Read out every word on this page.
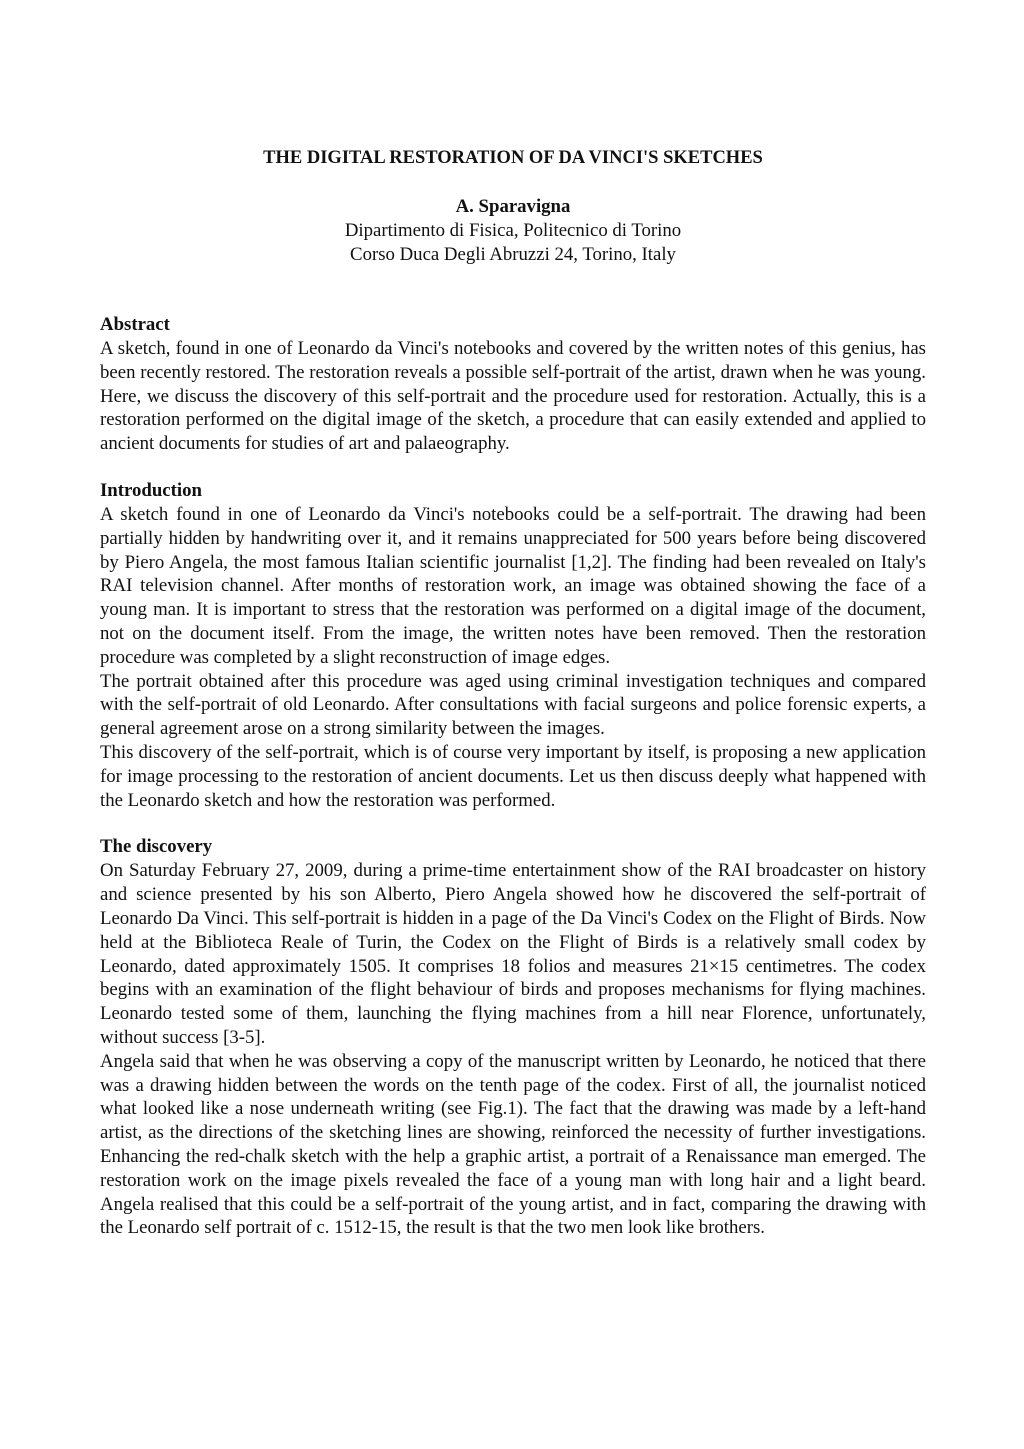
THE DIGITAL RESTORATION OF DA VINCI'S SKETCHES
A. Sparavigna
Dipartimento di Fisica, Politecnico di Torino
Corso Duca Degli Abruzzi 24, Torino, Italy
Abstract

A sketch, found in one of Leonardo da Vinci's notebooks and covered by the written notes of this genius, has been recently restored. The restoration reveals a possible self-portrait of the artist, drawn when he was young. Here, we discuss the discovery of this self-portrait and the procedure used for restoration. Actually, this is a restoration performed on the digital image of the sketch, a procedure that can easily extended and applied to ancient documents for studies of art and palaeography.

Introduction

A sketch found in one of Leonardo da Vinci's notebooks could be a self-portrait. The drawing had been partially hidden by handwriting over it, and it remains unappreciated for 500 years before being discovered by Piero Angela, the most famous Italian scientific journalist [1,2]. The finding had been revealed on Italy's RAI television channel. After months of restoration work, an image was obtained showing the face of a young man. It is important to stress that the restoration was performed on a digital image of the document, not on the document itself. From the image, the written notes have been removed. Then the restoration procedure was completed by a slight reconstruction of image edges.

The portrait obtained after this procedure was aged using criminal investigation techniques and compared with the self-portrait of old Leonardo. After consultations with facial surgeons and police forensic experts, a general agreement arose on a strong similarity between the images.

This discovery of the self-portrait, which is of course very important by itself, is proposing a new application for image processing to the restoration of ancient documents. Let us then discuss deeply what happened with the Leonardo sketch and how the restoration was performed.

The discovery

On Saturday February 27, 2009, during a prime-time entertainment show of the RAI broadcaster on history and science presented by his son Alberto, Piero Angela showed how he discovered the self-portrait of Leonardo Da Vinci. This self-portrait is hidden in a page of the Da Vinci's Codex on the Flight of Birds. Now held at the Biblioteca Reale of Turin, the Codex on the Flight of Birds is a relatively small codex by Leonardo, dated approximately 1505. It comprises 18 folios and measures 21×15 centimetres. The codex begins with an examination of the flight behaviour of birds and proposes mechanisms for flying machines. Leonardo tested some of them, launching the flying machines from a hill near Florence, unfortunately, without success [3-5].

Angela said that when he was observing a copy of the manuscript written by Leonardo, he noticed that there was a drawing hidden between the words on the tenth page of the codex. First of all, the journalist noticed what looked like a nose underneath writing (see Fig.1). The fact that the drawing was made by a left-hand artist, as the directions of the sketching lines are showing, reinforced the necessity of further investigations. Enhancing the red-chalk sketch with the help a graphic artist, a portrait of a Renaissance man emerged. The restoration work on the image pixels revealed the face of a young man with long hair and a light beard. Angela realised that this could be a self-portrait of the young artist, and in fact, comparing the drawing with the Leonardo self portrait of c. 1512-15, the result is that the two men look like brothers.
